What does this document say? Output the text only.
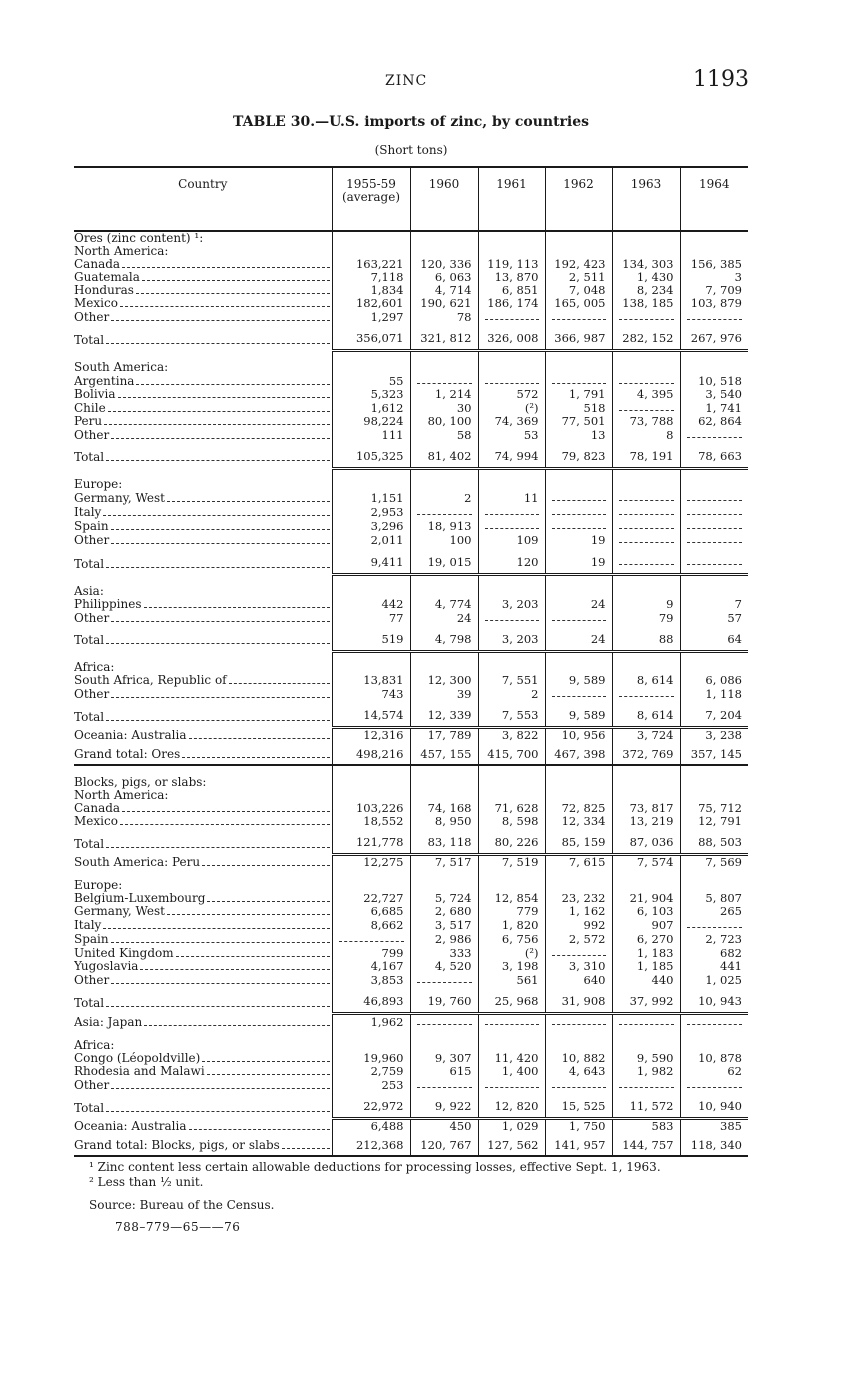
ZINC	1193
TABLE 30.—U.S. imports of zinc, by countries
(Short tons)
Country	1955-59 (average)	1960	1961	1962	1963	1964
Ores (zinc content) ¹:						
North America:						

Canada	163,221	120, 336	119, 113	192, 423	134, 303	156, 385

Guatemala	7,118	6, 063	13, 870	2, 511	1, 430	3

Honduras	1,834	4, 714	6, 851	7, 048	8, 234	7, 709

Mexico	182,601	190, 621	186, 174	165, 005	138, 185	103, 879

Other	1,297	78	

Total	356,071	321, 812	326, 008	366, 987	282, 152	267, 976
South America:						

Argentina	55					10, 518

Bolivia	5,323	1, 214	572	1, 791	4, 395	3, 540

Chile	1,612	30	(²)	518		1, 741

Peru	98,224	80, 100	74, 369	77, 501	73, 788	62, 864

Other	111	58	53	13	8	

Total	105,325	81, 402	74, 994	79, 823	78, 191	78, 663
Europe:						

Germany, West	1,151	2	11	

Italy	2,953	

Spain	3,296	18, 913	

Other	2,011	100	109	19	

Total	9,411	19, 015	120	19	

Asia:						

Philippines	442	4, 774	3, 203	24	9	7

Other	77	24			79	57

Total	519	4, 798	3, 203	24	88	64
Africa:						

South Africa, Republic of	13,831	12, 300	7, 551	9, 589	8, 614	6, 086

Other	743	39	2			1, 118

Total	14,574	12, 339	7, 553	9, 589	8, 614	7, 204

Oceania: Australia	12,316	17, 789	3, 822	10, 956	3, 724	3, 238

Grand total: Ores	498,216	457, 155	415, 700	467, 398	372, 769	357, 145
Blocks, pigs, or slabs:						
North America:						

Canada	103,226	74, 168	71, 628	72, 825	73, 817	75, 712

Mexico	18,552	8, 950	8, 598	12, 334	13, 219	12, 791

Total	121,778	83, 118	80, 226	85, 159	87, 036	88, 503

South America: Peru	12,275	7, 517	7, 519	7, 615	7, 574	7, 569
Europe:						

Belgium-Luxembourg	22,727	5, 724	12, 854	23, 232	21, 904	5, 807

Germany, West	6,685	2, 680	779	1, 162	6, 103	265

Italy	8,662	3, 517	1, 820	992	907	

Spain		2, 986	6, 756	2, 572	6, 270	2, 723

United Kingdom	799	333	(²)		1, 183	682

Yugoslavia	4,167	4, 520	3, 198	3, 310	1, 185	441

Other	3,853		561	640	440	1, 025

Total	46,893	19, 760	25, 968	31, 908	37, 992	10, 943

Asia: Japan	1,962	

Africa:						

Congo (Léopoldville)	19,960	9, 307	11, 420	10, 882	9, 590	10, 878

Rhodesia and Malawi	2,759	615	1, 400	4, 643	1, 982	62

Other	253	

Total	22,972	9, 922	12, 820	15, 525	11, 572	10, 940

Oceania: Australia	6,488	450	1, 029	1, 750	583	385

Grand total: Blocks, pigs, or slabs	212,368	120, 767	127, 562	141, 957	144, 757	118, 340
¹ Zinc content less certain allowable deductions for processing losses, effective Sept. 1, 1963.
² Less than ½ unit.
Source: Bureau of the Census.
788–779—65——76
